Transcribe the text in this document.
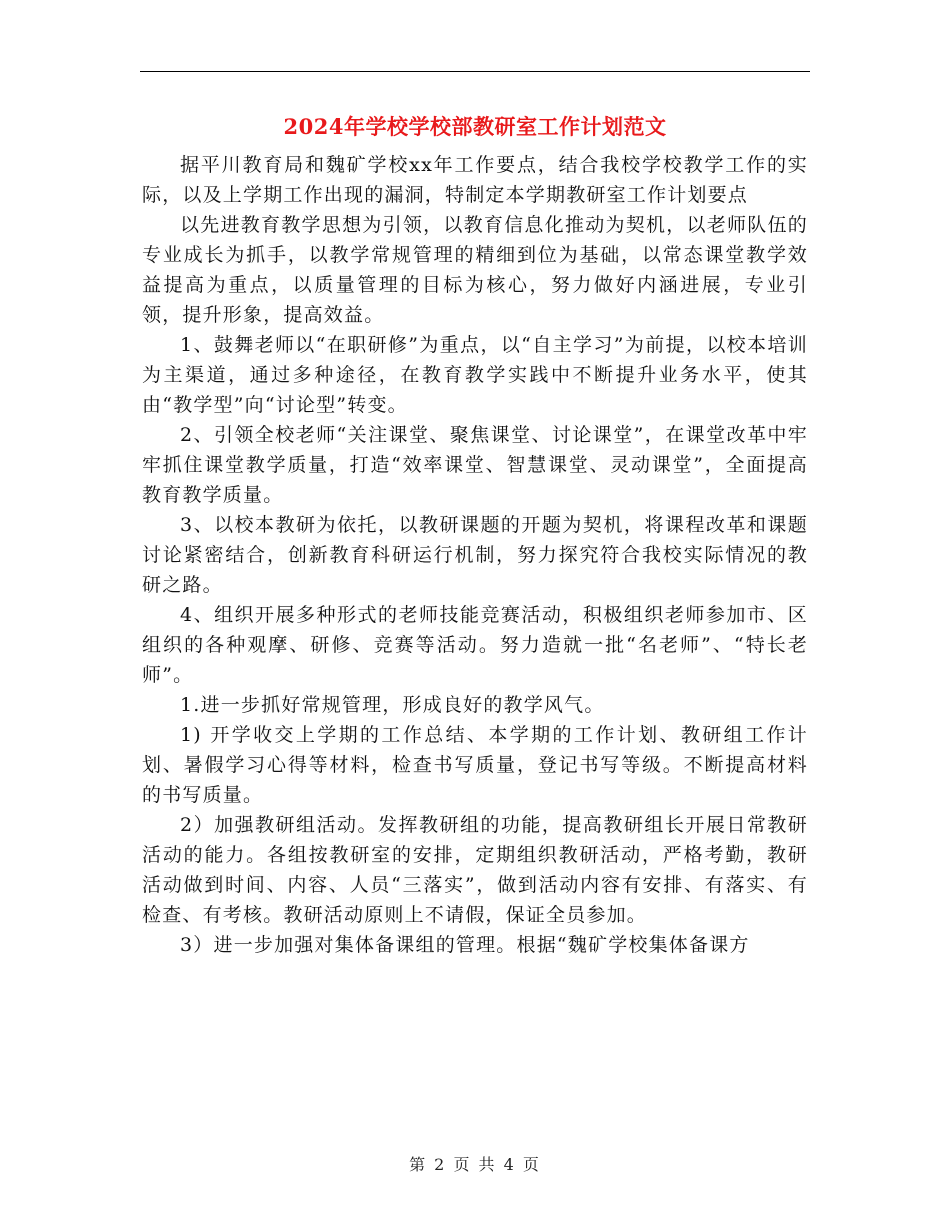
2024年学校学校部教研室工作计划范文

据平川教育局和魏矿学校xx年工作要点，结合我校学校教学工作的实际，以及上学期工作出现的漏洞，特制定本学期教研室工作计划要点

以先进教育教学思想为引领，以教育信息化推动为契机，以老师队伍的专业成长为抓手，以教学常规管理的精细到位为基础，以常态课堂教学效益提高为重点，以质量管理的目标为核心，努力做好内涵进展，专业引领，提升形象，提高效益。

1、鼓舞老师以“在职研修”为重点，以“自主学习”为前提，以校本培训为主渠道，通过多种途径，在教育教学实践中不断提升业务水平，使其由“教学型”向“讨论型”转变。

2、引领全校老师“关注课堂、聚焦课堂、讨论课堂”，在课堂改革中牢牢抓住课堂教学质量，打造“效率课堂、智慧课堂、灵动课堂”，全面提高教育教学质量。

3、以校本教研为依托，以教研课题的开题为契机，将课程改革和课题讨论紧密结合，创新教育科研运行机制，努力探究符合我校实际情况的教研之路。

4、组织开展多种形式的老师技能竞赛活动，积极组织老师参加市、区组织的各种观摩、研修、竞赛等活动。努力造就一批“名老师”、“特长老师”。

1.进一步抓好常规管理，形成良好的教学风气。

1) 开学收交上学期的工作总结、本学期的工作计划、教研组工作计划、暑假学习心得等材料，检查书写质量，登记书写等级。不断提高材料的书写质量。

2）加强教研组活动。发挥教研组的功能，提高教研组长开展日常教研活动的能力。各组按教研室的安排，定期组织教研活动，严格考勤，教研活动做到时间、内容、人员“三落实”，做到活动内容有安排、有落实、有检查、有考核。教研活动原则上不请假，保证全员参加。

3）进一步加强对集体备课组的管理。根据“魏矿学校集体备课方

第 2 页 共 4 页
